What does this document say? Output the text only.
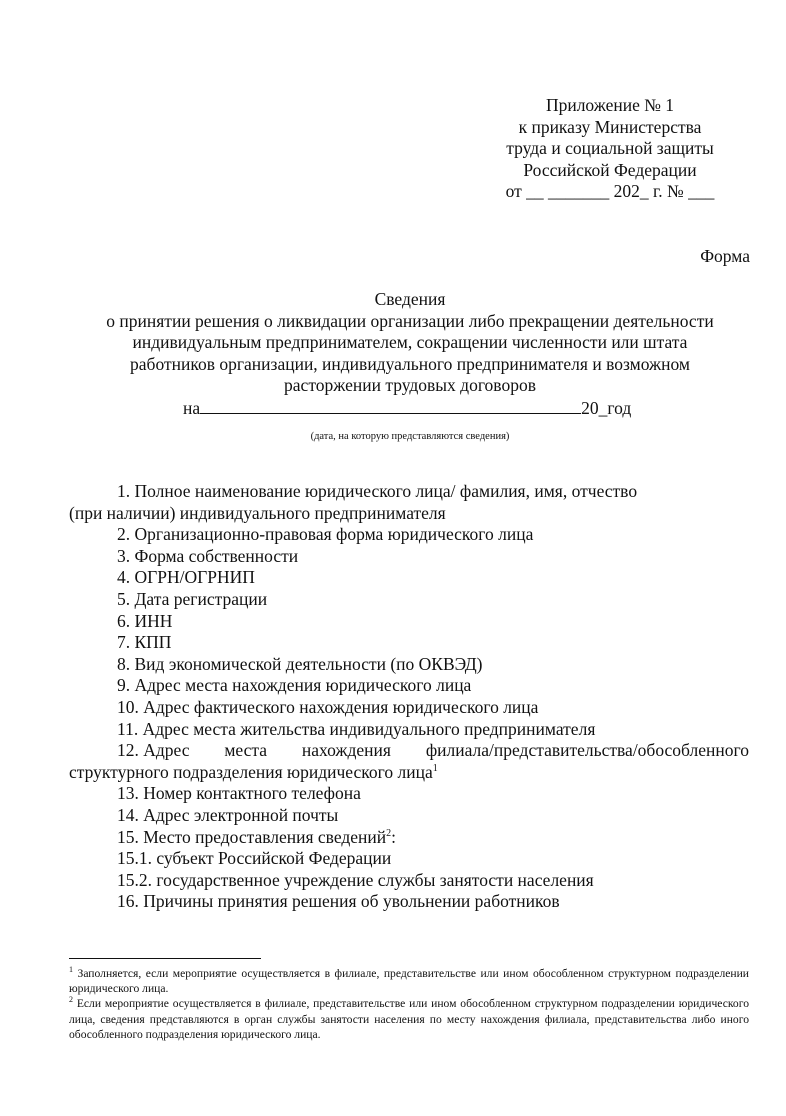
Приложение № 1
к приказу Министерства
труда и социальной защиты
Российской Федерации
от __ _______ 202_ г. № ___
Форма
Сведения
о принятии решения о ликвидации организации либо прекращении деятельности
индивидуальным предпринимателем, сокращении численности или штата
работников организации, индивидуального предпринимателя и возможном
расторжении трудовых договоров
на	20_год
(дата, на которую представляются сведения)
1. Полное наименование юридического лица/ фамилия, имя, отчество
(при наличии) индивидуального предпринимателя
2. Организационно-правовая форма юридического лица
3. Форма собственности
4. ОГРН/ОГРНИП
5. Дата регистрации
6. ИНН
7. КПП
8. Вид экономической деятельности (по ОКВЭД)
9. Адрес места нахождения юридического лица
10. Адрес фактического нахождения юридического лица
11. Адрес места жительства индивидуального предпринимателя
12. Адрес места нахождения филиала/представительства/обособленного
структурного подразделения юридического лица$^1$
13. Номер контактного телефона
14. Адрес электронной почты
15. Место предоставления сведений$^2$:
15.1. субъект Российской Федерации
15.2. государственное учреждение службы занятости населения
16. Причины принятия решения об увольнении работников

$^1$ Заполняется, если мероприятие осуществляется в филиале, представительстве или ином обособленном структурном подразделении юридического лица.

$^2$ Если мероприятие осуществляется в филиале, представительстве или ином обособленном структурном подразделении юридического лица, сведения представляются в орган службы занятости населения по месту нахождения филиала, представительства либо иного обособленного подразделения юридического лица.
